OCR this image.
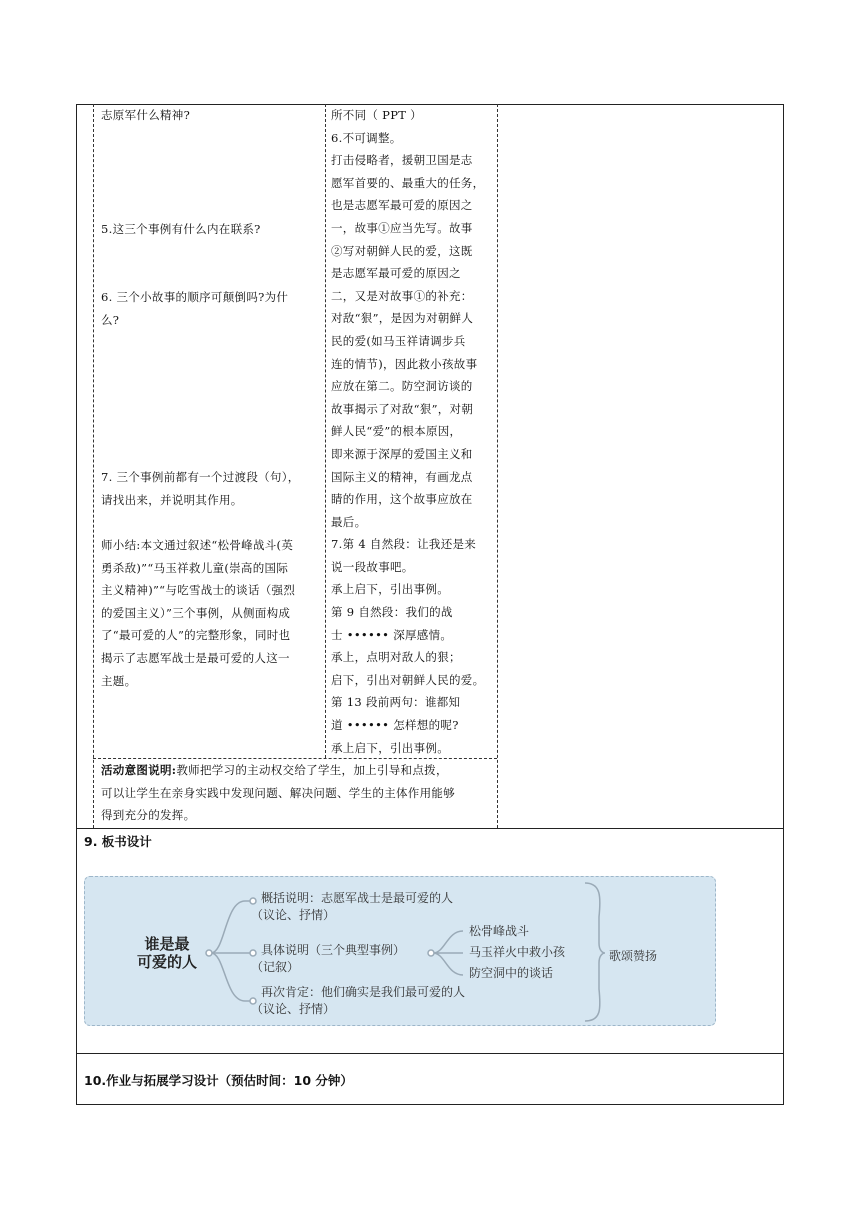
志原军什么精神?

5.这三个事例有什么内在联系?

6. 三个小故事的顺序可颠倒吗?为什

么?

7. 三个事例前都有一个过渡段（句），

请找出来，并说明其作用。

师小结:本文通过叙述“松骨峰战斗(英

勇杀敌)”“马玉祥救儿童(崇高的国际

主义精神)”“与吃雪战士的谈话（强烈

的爱国主义）”三个事例，从侧面构成

了“最可爱的人”的完整形象，同时也

揭示了志愿军战士是最可爱的人这一

主题。

所不同（ PPT ）

6.不可调整。

打击侵略者，援朝卫国是志

愿军首要的、最重大的任务，

也是志愿军最可爱的原因之

一，故事①应当先写。故事

②写对朝鲜人民的爱，这既

是志愿军最可爱的原因之

二，又是对故事①的补充：

对敌“狠”，是因为对朝鲜人

民的爱(如马玉祥请调步兵

连的情节)，因此救小孩故事

应放在第二。防空洞访谈的

故事揭示了对敌“狠”，对朝

鲜人民“爱”的根本原因，

即来源于深厚的爱国主义和

国际主义的精神，有画龙点

睛的作用，这个故事应放在

最后。

7.第 4 自然段：让我还是来

说一段故事吧。

承上启下，引出事例。

第 9 自然段：我们的战

士 •••••• 深厚感情。

承上，点明对敌人的狠；

启下，引出对朝鲜人民的爱。

第 13 段前两句：谁都知

道 •••••• 怎样想的呢?

承上启下，引出事例。

活动意图说明:教师把学习的主动权交给了学生，加上引导和点拨，

可以让学生在亲身实践中发现问题、解决问题、学生的主体作用能够

得到充分的发挥。

9. 板书设计
谁是最
可爱的人
概括说明：志愿军战士是最可爱的人
（议论、抒情）
具体说明（三个典型事例）
（记叙）
再次肯定：他们确实是我们最可爱的人
（议论、抒情）
松骨峰战斗
马玉祥火中救小孩
防空洞中的谈话
歌颂赞扬
10.作业与拓展学习设计（预估时间：10 分钟）
